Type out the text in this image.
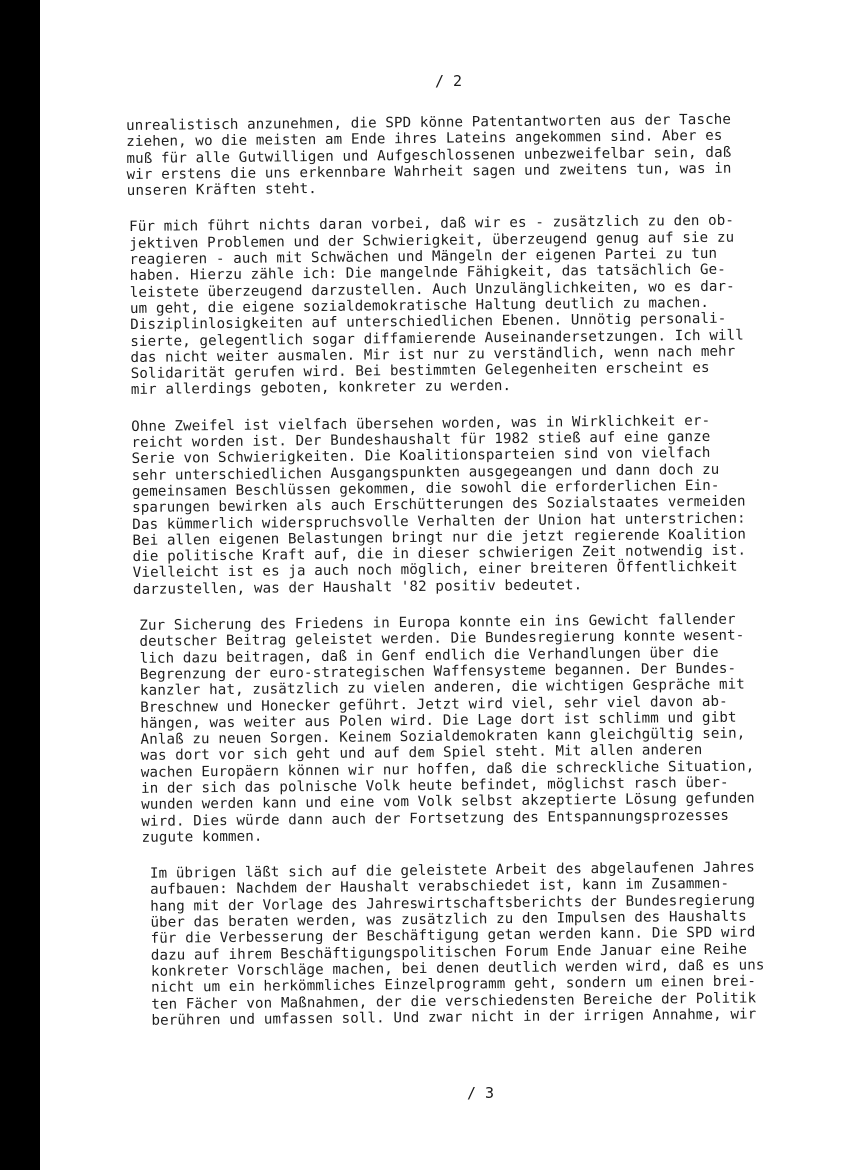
/ 2
unrealistisch anzunehmen, die SPD könne Patentantworten aus der Tasche
ziehen, wo die meisten am Ende ihres Lateins angekommen sind. Aber es
muß für alle Gutwilligen und Aufgeschlossenen unbezweifelbar sein, daß
wir erstens die uns erkennbare Wahrheit sagen und zweitens tun, was in
unseren Kräften steht.
Für mich führt nichts daran vorbei, daß wir es - zusätzlich zu den ob-
jektiven Problemen und der Schwierigkeit, überzeugend genug auf sie zu
reagieren - auch mit Schwächen und Mängeln der eigenen Partei zu tun
haben. Hierzu zähle ich: Die mangelnde Fähigkeit, das tatsächlich Ge-
leistete überzeugend darzustellen. Auch Unzulänglichkeiten, wo es dar-
um geht, die eigene sozialdemokratische Haltung deutlich zu machen.
Disziplinlosigkeiten auf unterschiedlichen Ebenen. Unnötig personali-
sierte, gelegentlich sogar diffamierende Auseinandersetzungen. Ich will
das nicht weiter ausmalen. Mir ist nur zu verständlich, wenn nach mehr
Solidarität gerufen wird. Bei bestimmten Gelegenheiten erscheint es
mir allerdings geboten, konkreter zu werden.
Ohne Zweifel ist vielfach übersehen worden, was in Wirklichkeit er-
reicht worden ist. Der Bundeshaushalt für 1982 stieß auf eine ganze
Serie von Schwierigkeiten. Die Koalitionsparteien sind von vielfach
sehr unterschiedlichen Ausgangspunkten ausgegeangen und dann doch zu
gemeinsamen Beschlüssen gekommen, die sowohl die erforderlichen Ein-
sparungen bewirken als auch Erschütterungen des Sozialstaates vermeiden
Das kümmerlich widerspruchsvolle Verhalten der Union hat unterstrichen:
Bei allen eigenen Belastungen bringt nur die jetzt regierende Koalition
die politische Kraft auf, die in dieser schwierigen Zeit notwendig ist.
Vielleicht ist es ja auch noch möglich, einer breiteren Öffentlichkeit
darzustellen, was der Haushalt '82 positiv bedeutet.
Zur Sicherung des Friedens in Europa konnte ein ins Gewicht fallender
deutscher Beitrag geleistet werden. Die Bundesregierung konnte wesent-
lich dazu beitragen, daß in Genf endlich die Verhandlungen über die
Begrenzung der euro-strategischen Waffensysteme begannen. Der Bundes-
kanzler hat, zusätzlich zu vielen anderen, die wichtigen Gespräche mit
Breschnew und Honecker geführt. Jetzt wird viel, sehr viel davon ab-
hängen, was weiter aus Polen wird. Die Lage dort ist schlimm und gibt
Anlaß zu neuen Sorgen. Keinem Sozialdemokraten kann gleichgültig sein,
was dort vor sich geht und auf dem Spiel steht. Mit allen anderen
wachen Europäern können wir nur hoffen, daß die schreckliche Situation,
in der sich das polnische Volk heute befindet, möglichst rasch über-
wunden werden kann und eine vom Volk selbst akzeptierte Lösung gefunden
wird. Dies würde dann auch der Fortsetzung des Entspannungsprozesses
zugute kommen.
Im übrigen läßt sich auf die geleistete Arbeit des abgelaufenen Jahres
aufbauen: Nachdem der Haushalt verabschiedet ist, kann im Zusammen-
hang mit der Vorlage des Jahreswirtschaftsberichts der Bundesregierung
über das beraten werden, was zusätzlich zu den Impulsen des Haushalts
für die Verbesserung der Beschäftigung getan werden kann. Die SPD wird
dazu auf ihrem Beschäftigungspolitischen Forum Ende Januar eine Reihe
konkreter Vorschläge machen, bei denen deutlich werden wird, daß es uns
nicht um ein herkömmliches Einzelprogramm geht, sondern um einen brei-
ten Fächer von Maßnahmen, der die verschiedensten Bereiche der Politik
berühren und umfassen soll. Und zwar nicht in der irrigen Annahme, wir
/ 3
